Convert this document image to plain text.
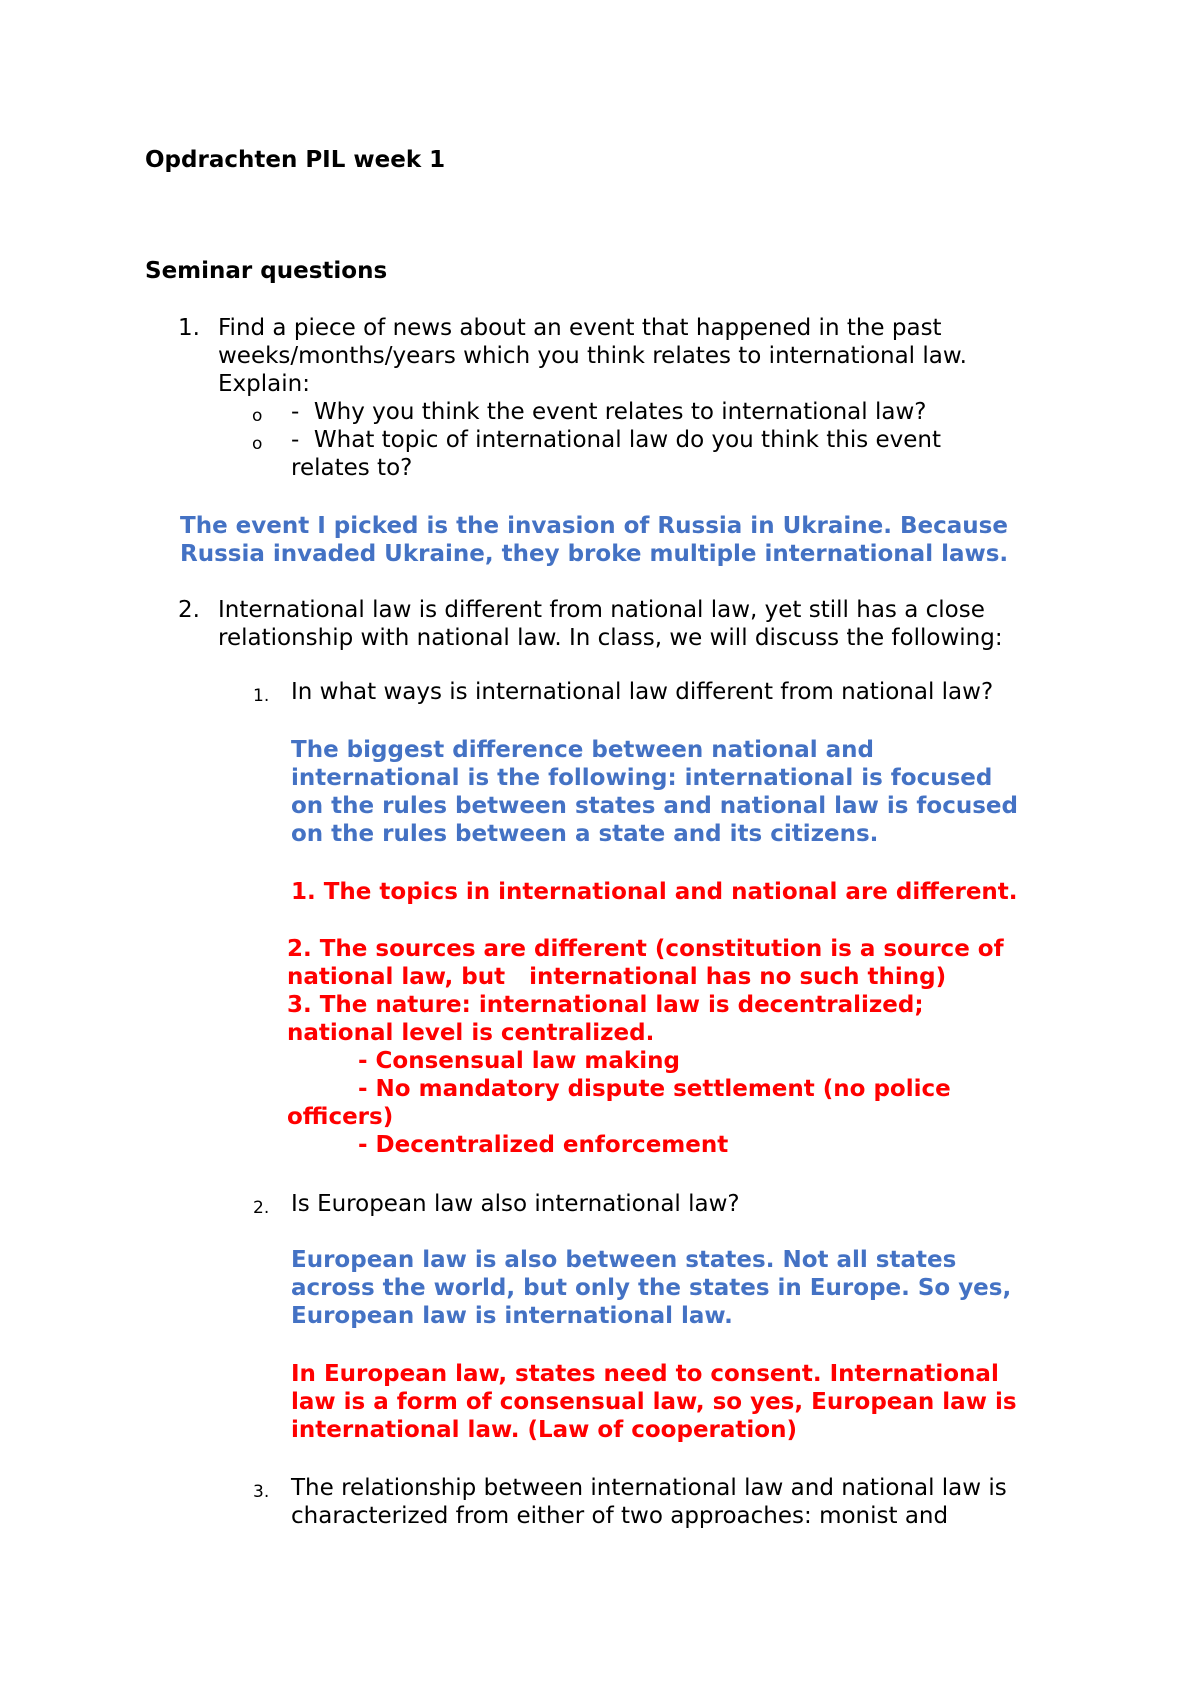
Opdrachten PIL week 1
Seminar questions
1. Find a piece of news about an event that happened in the past
weeks/months/years which you think relates to international law.
Explain:
o -  Why you think the event relates to international law?
o -  What topic of international law do you think this event
relates to?
The event I picked is the invasion of Russia in Ukraine. Because
Russia invaded Ukraine, they broke multiple international laws.
2. International law is different from national law, yet still has a close
relationship with national law. In class, we will discuss the following:
1. In what ways is international law different from national law?
The biggest difference between national and
international is the following: international is focused
on the rules between states and national law is focused
on the rules between a state and its citizens.
1. The topics in international and national are different.
2. The sources are different (constitution is a source of
national law, but   international has no such thing)
3. The nature: international law is decentralized;
national level is centralized.
- Consensual law making
- No mandatory dispute settlement (no police
officers)
- Decentralized enforcement
2. Is European law also international law?
European law is also between states. Not all states
across the world, but only the states in Europe. So yes,
European law is international law.
In European law, states need to consent. International
law is a form of consensual law, so yes, European law is
international law. (Law of cooperation)
3. The relationship between international law and national law is
characterized from either of two approaches: monist and
